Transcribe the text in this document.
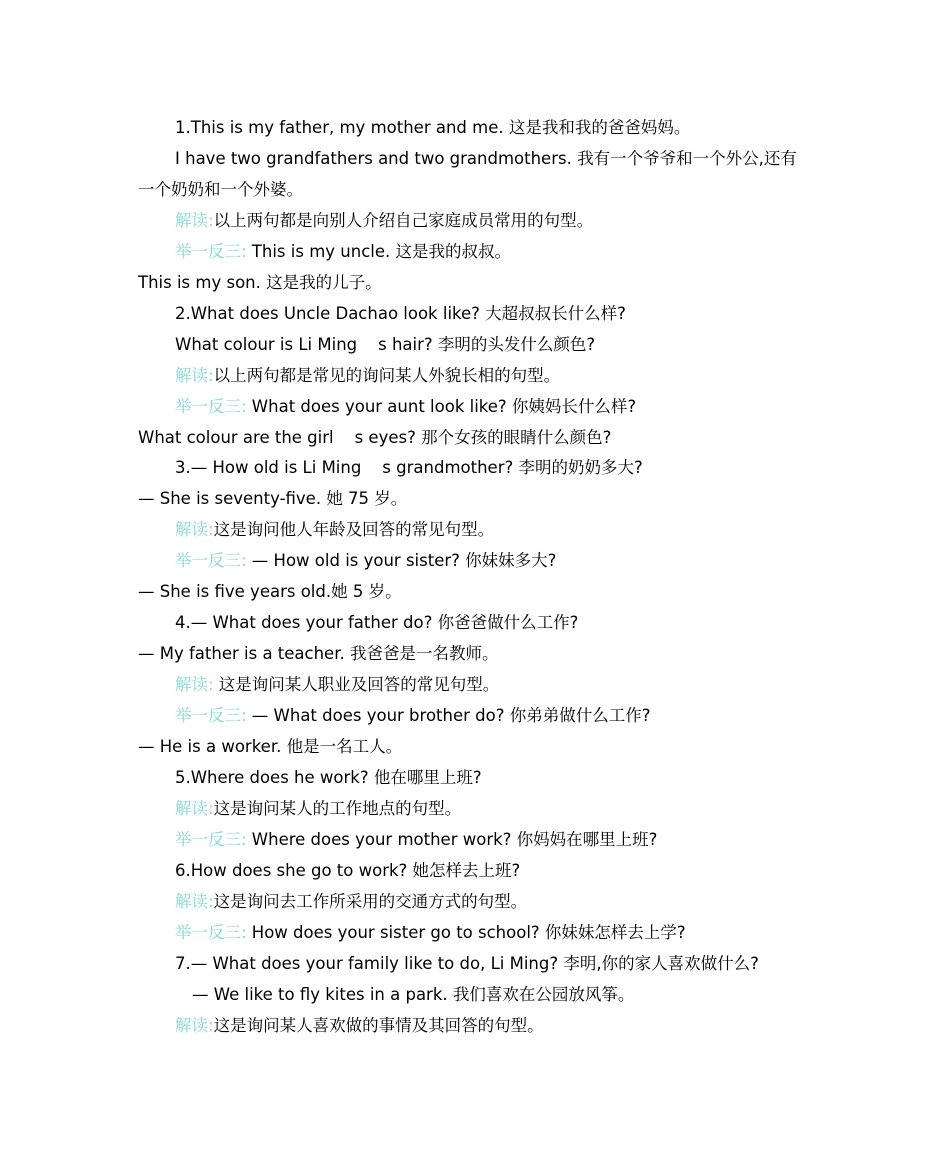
1.This is my father, my mother and me. 这是我和我的爸爸妈妈。
I have two grandfathers and two grandmothers. 我有一个爷爷和一个外公,还有
一个奶奶和一个外婆。
解读:以上两句都是向别人介绍自己家庭成员常用的句型。
举一反三: This is my uncle. 这是我的叔叔。
This is my son. 这是我的儿子。
2.What does Uncle Dachao look like? 大超叔叔长什么样?
What colour is Li Ming    s hair? 李明的头发什么颜色?
解读:以上两句都是常见的询问某人外貌长相的句型。
举一反三: What does your aunt look like? 你姨妈长什么样?
What colour are the girl    s eyes? 那个女孩的眼睛什么颜色?
3.— How old is Li Ming    s grandmother? 李明的奶奶多大?
— She is seventy-five. 她 75 岁。
解读:这是询问他人年龄及回答的常见句型。
举一反三: — How old is your sister? 你妹妹多大?
— She is five years old.她 5 岁。
4.— What does your father do? 你爸爸做什么工作?
— My father is a teacher. 我爸爸是一名教师。
解读: 这是询问某人职业及回答的常见句型。
举一反三: — What does your brother do? 你弟弟做什么工作?
— He is a worker. 他是一名工人。
5.Where does he work? 他在哪里上班?
解读:这是询问某人的工作地点的句型。
举一反三: Where does your mother work? 你妈妈在哪里上班?
6.How does she go to work? 她怎样去上班?
解读:这是询问去工作所采用的交通方式的句型。
举一反三: How does your sister go to school? 你妹妹怎样去上学?
7.— What does your family like to do, Li Ming? 李明,你的家人喜欢做什么?
— We like to fly kites in a park. 我们喜欢在公园放风筝。
解读:这是询问某人喜欢做的事情及其回答的句型。
